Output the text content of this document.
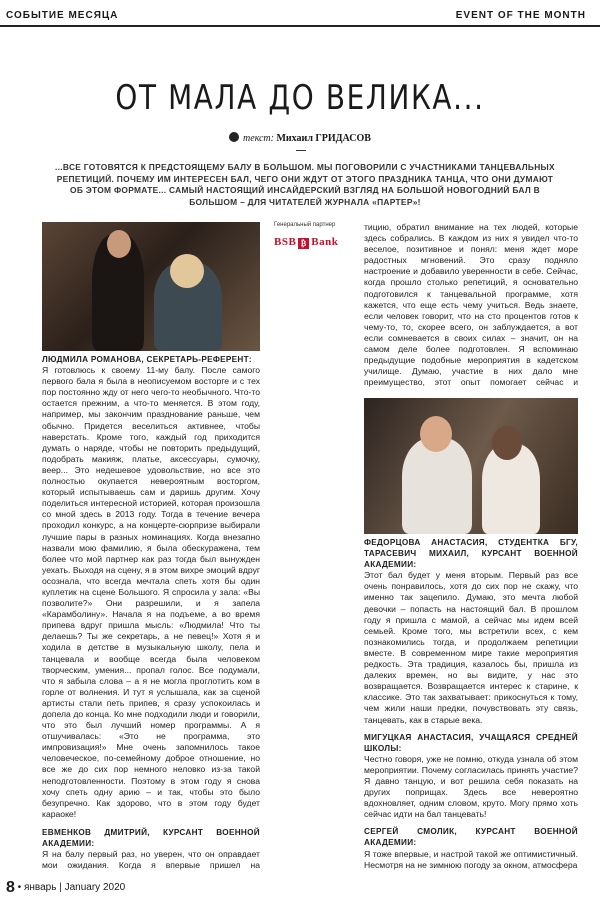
СОБЫТИЕ МЕСЯЦА	EVENT OF THE MONTH
ОТ МАЛА ДО ВЕЛИКА...
текст: Михаил ГРИДАСОВ
...ВСЕ ГОТОВЯТСЯ К ПРЕДСТОЯЩЕМУ БАЛУ В БОЛЬШОМ. МЫ ПОГОВОРИЛИ С УЧАСТНИКАМИ ТАНЦЕВАЛЬНЫХ РЕПЕТИЦИЙ. ПОЧЕМУ ИМ ИНТЕРЕСЕН БАЛ, ЧЕГО ОНИ ЖДУТ ОТ ЭТОГО ПРАЗДНИКА ТАНЦА, ЧТО ОНИ ДУМАЮТ ОБ ЭТОМ ФОРМАТЕ... САМЫЙ НАСТОЯЩИЙ ИНСАЙДЕРСКИЙ ВЗГЛЯД НА БОЛЬШОЙ НОВОГОДНИЙ БАЛ В БОЛЬШОМ – ДЛЯ ЧИТАТЕЛЕЙ ЖУРНАЛА «ПАРТЕР»!
Генеральный партнер
BSB ₿ Bank

ЛЮДМИЛА РОМАНОВА, СЕКРЕТАРЬ-РЕФЕРЕНТ:

Я готовлюсь к своему 11-му балу. После самого первого бала я была в неописуемом восторге и с тех пор постоянно жду от него чего-то необычного. Что-то остается прежним, а что-то меняется. В этом году, например, мы закончим празднование раньше, чем обычно. Придется веселиться активнее, чтобы наверстать. Кроме того, каждый год приходится думать о наряде, чтобы не повторить предыдущий, подобрать макияж, платье, аксессуары, сумочку, веер... Это недешевое удовольствие, но все это полностью окупается невероятным восторгом, который испытываешь сам и даришь другим. Хочу поделиться интересной историей, которая произошла со мной здесь в 2013 году. Тогда в течение вечера проходил конкурс, а на концерте-сюрпризе выбирали лучшие пары в разных номинациях. Когда внезапно назвали мою фамилию, я была обескуражена, тем более что мой партнер как раз тогда был вынужден уехать. Выходя на сцену, я в этом вихре эмоций вдруг осознала, что всегда мечтала спеть хотя бы один куплетик на сцене Большого. Я спросила у зала: «Вы позволите?» Они разрешили, и я запела «Карамболину». Начала я на подъеме, а во время припева вдруг пришла мысль: «Людмила! Что ты делаешь? Ты же секретарь, а не певец!» Хотя я и ходила в детстве в музыкальную школу, пела и танцевала и вообще всегда была человеком творческим, умения... пропал голос. Все подумали, что я забыла слова – а я не могла проглотить ком в горле от волнения. И тут я услышала, как за сценой артисты стали петь припев, я сразу успокоилась и допела до конца. Ко мне подходили люди и говорили, что это был лучший номер программы. А я отшучивалась: «Это не программа, это импровизация!» Мне очень запомнилось такое человеческое, по-семейному доброе отношение, но все же до сих пор немного неловко из-за такой неподготовленности. Поэтому в этом году я снова хочу спеть одну арию – и так, чтобы это было безупречно. Как здорово, что в этом году будет караоке!

ЕВМЕНКОВ ДМИТРИЙ, КУРСАНТ ВОЕННОЙ АКАДЕМИИ:

Я на балу первый раз, но уверен, что он оправдает мои ожидания. Когда я впервые пришел на

тицию, обратил внимание на тех людей, которые здесь собрались. В каждом из них я увидел что-то веселое, позитивное и понял: меня ждет море радостных мгновений. Это сразу подняло настроение и добавило уверенности в себе. Сейчас, когда прошло столько репетиций, я основательно подготовился к танцевальной программе, хотя кажется, что еще есть чему учиться. Ведь знаете, если человек говорит, что на сто процентов готов к чему-то, то, скорее всего, он заблуждается, а вот если сомневается в своих силах – значит, он на самом деле более подготовлен. Я вспоминаю предыдущие подобные мероприятия в кадетском училище. Думаю, участие в них дало мне преимущество, этот опыт помогает сейчас и

ФЕДОРЦОВА АНАСТАСИЯ, СТУДЕНТКА БГУ, ТАРАСЕВИЧ МИХАИЛ, КУРСАНТ ВОЕННОЙ АКАДЕМИИ:

Этот бал будет у меня вторым. Первый раз все очень понравилось, хотя до сих пор не скажу, что именно так зацепило. Думаю, это мечта любой девочки – попасть на настоящий бал. В прошлом году я пришла с мамой, а сейчас мы идем всей семьей. Кроме того, мы встретили всех, с кем познакомились тогда, и продолжаем репетиции вместе. В современном мире такие мероприятия редкость. Эта традиция, казалось бы, пришла из далеких времен, но вы видите, у нас это возвращается. Возвращается интерес к старине, к классике. Это так захватывает: прикоснуться к тому, чем жили наши предки, почувствовать эту связь, танцевать, как в старые века.

МИГУЦКАЯ АНАСТАСИЯ, УЧАЩАЯСЯ СРЕДНЕЙ ШКОЛЫ:

Честно говоря, уже не помню, откуда узнала об этом мероприятии. Почему согласилась принять участие? Я давно танцую, и вот решила себя показать на других поприщах. Здесь все невероятно вдохновляет, одним словом, круто. Могу прямо хоть сейчас идти на бал танцевать!

СЕРГЕЙ СМОЛИК, КУРСАНТ ВОЕННОЙ АКАДЕМИИ:

Я тоже впервые, и настрой такой же оптимистичный. Несмотря на не зимнюю погоду за окном, атмосфера

8 • январь | January 2020
